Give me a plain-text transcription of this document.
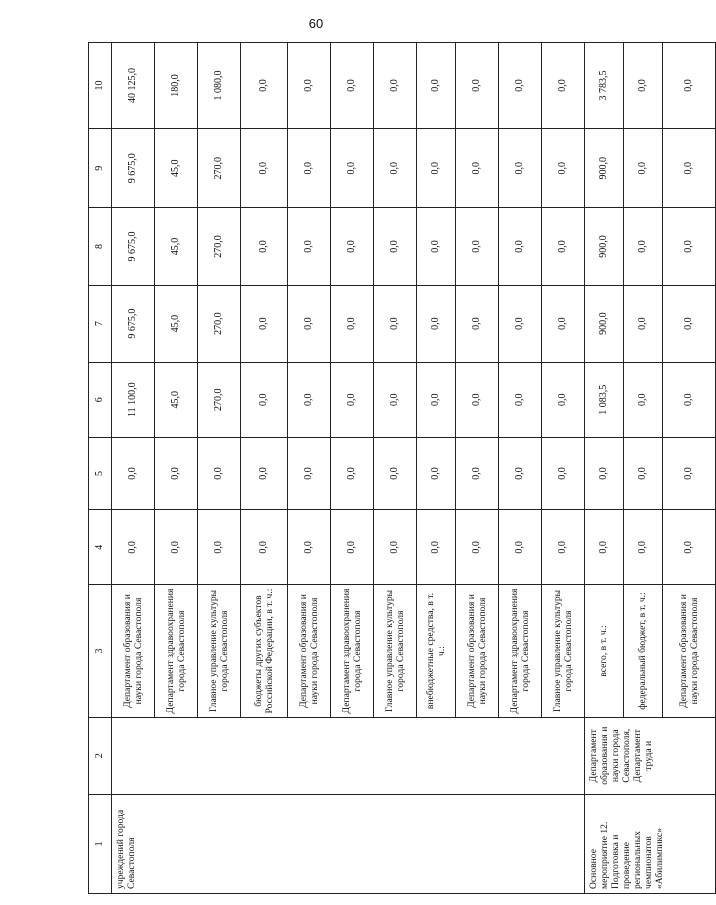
60
1	2	3	4	5	6	7	8	9	10
учреждений города Севастополя		Департамент образования и науки города Севастополя	0,0	0,0	11 100,0	9 675,0	9 675,0	9 675,0	40 125,0
		Департамент здравоохранения города Севастополя	0,0	0,0	45,0	45,0	45,0	45,0	180,0
		Главное управление культуры города Севастополя	0,0	0,0	270,0	270,0	270,0	270,0	1 080,0
		бюджеты других субъектов Российской Федерации, в т. ч.:	0,0	0,0	0,0	0,0	0,0	0,0	0,0
		Департамент образования и науки города Севастополя	0,0	0,0	0,0	0,0	0,0	0,0	0,0
		Департамент здравоохранения города Севастополя	0,0	0,0	0,0	0,0	0,0	0,0	0,0
		Главное управление культуры города Севастополя	0,0	0,0	0,0	0,0	0,0	0,0	0,0
		внебюджетные средства, в т. ч.:	0,0	0,0	0,0	0,0	0,0	0,0	0,0
		Департамент образования и науки города Севастополя	0,0	0,0	0,0	0,0	0,0	0,0	0,0
		Департамент здравоохранения города Севастополя	0,0	0,0	0,0	0,0	0,0	0,0	0,0
		Главное управление культуры города Севастополя	0,0	0,0	0,0	0,0	0,0	0,0	0,0
Основное мероприятие 12. Подготовка и проведение региональных чемпионатов «Абилимпикс»	Департамент образования и науки города Севастополя, Департамент труда и	всего, в т. ч.:	0,0	0,0	1 083,5	900,0	900,0	900,0	3 783,5
		федеральный бюджет, в т. ч.:	0,0	0,0	0,0	0,0	0,0	0,0	0,0
		Департамент образования и науки города Севастополя	0,0	0,0	0,0	0,0	0,0	0,0	0,0
